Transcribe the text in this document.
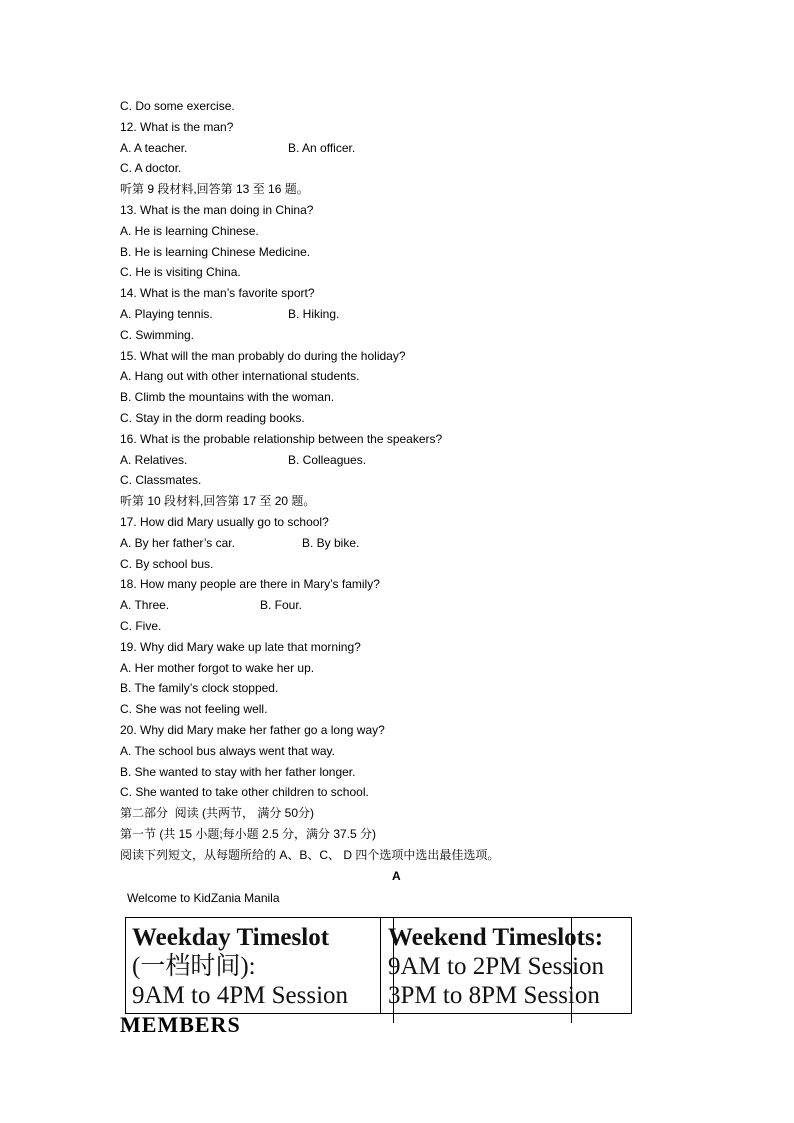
C. Do some exercise.
12. What is the man?
A. A teacher.	B. An officer.
C. A doctor.
听第 9 段材料,回答第 13 至 16 题。
13. What is the man doing in China?
A. He is learning Chinese.
B. He is learning Chinese Medicine.
C. He is visiting China.
14. What is the man’s favorite sport?
A. Playing tennis.	B. Hiking.
C. Swimming.
15. What will the man probably do during the holiday?
A. Hang out with other international students.
B. Climb the mountains with the woman.
C. Stay in the dorm reading books.
16. What is the probable relationship between the speakers?
A. Relatives.	B. Colleagues.
C. Classmates.
听第 10 段材料,回答第 17 至 20 题。
17. How did Mary usually go to school?
A. By her father’s car.	B. By bike.
C. By school bus.
18. How many people are there in Mary’s family?
A. Three.	B. Four.
C. Five.
19. Why did Mary wake up late that morning?
A. Her mother forgot to wake her up.
B. The family’s clock stopped.
C. She was not feeling well.
20. Why did Mary make her father go a long way?
A. The school bus always went that way.
B. She wanted to stay with her father longer.
C. She wanted to take other children to school.
第二部分  阅读 (共两节， 满分 50分)
第一节 (共 15 小题;每小题 2.5 分，满分 37.5 分)
阅读下列短文，从每题所给的 A、B、C、 D 四个选项中选出最佳选项。
A
Welcome to KidZania Manila
Weekday Timeslot
(一档时间):
9AM to 4PM Session
Weekend Timeslots:
9AM to 2PM Session
3PM to 8PM Session
MEMBERS
